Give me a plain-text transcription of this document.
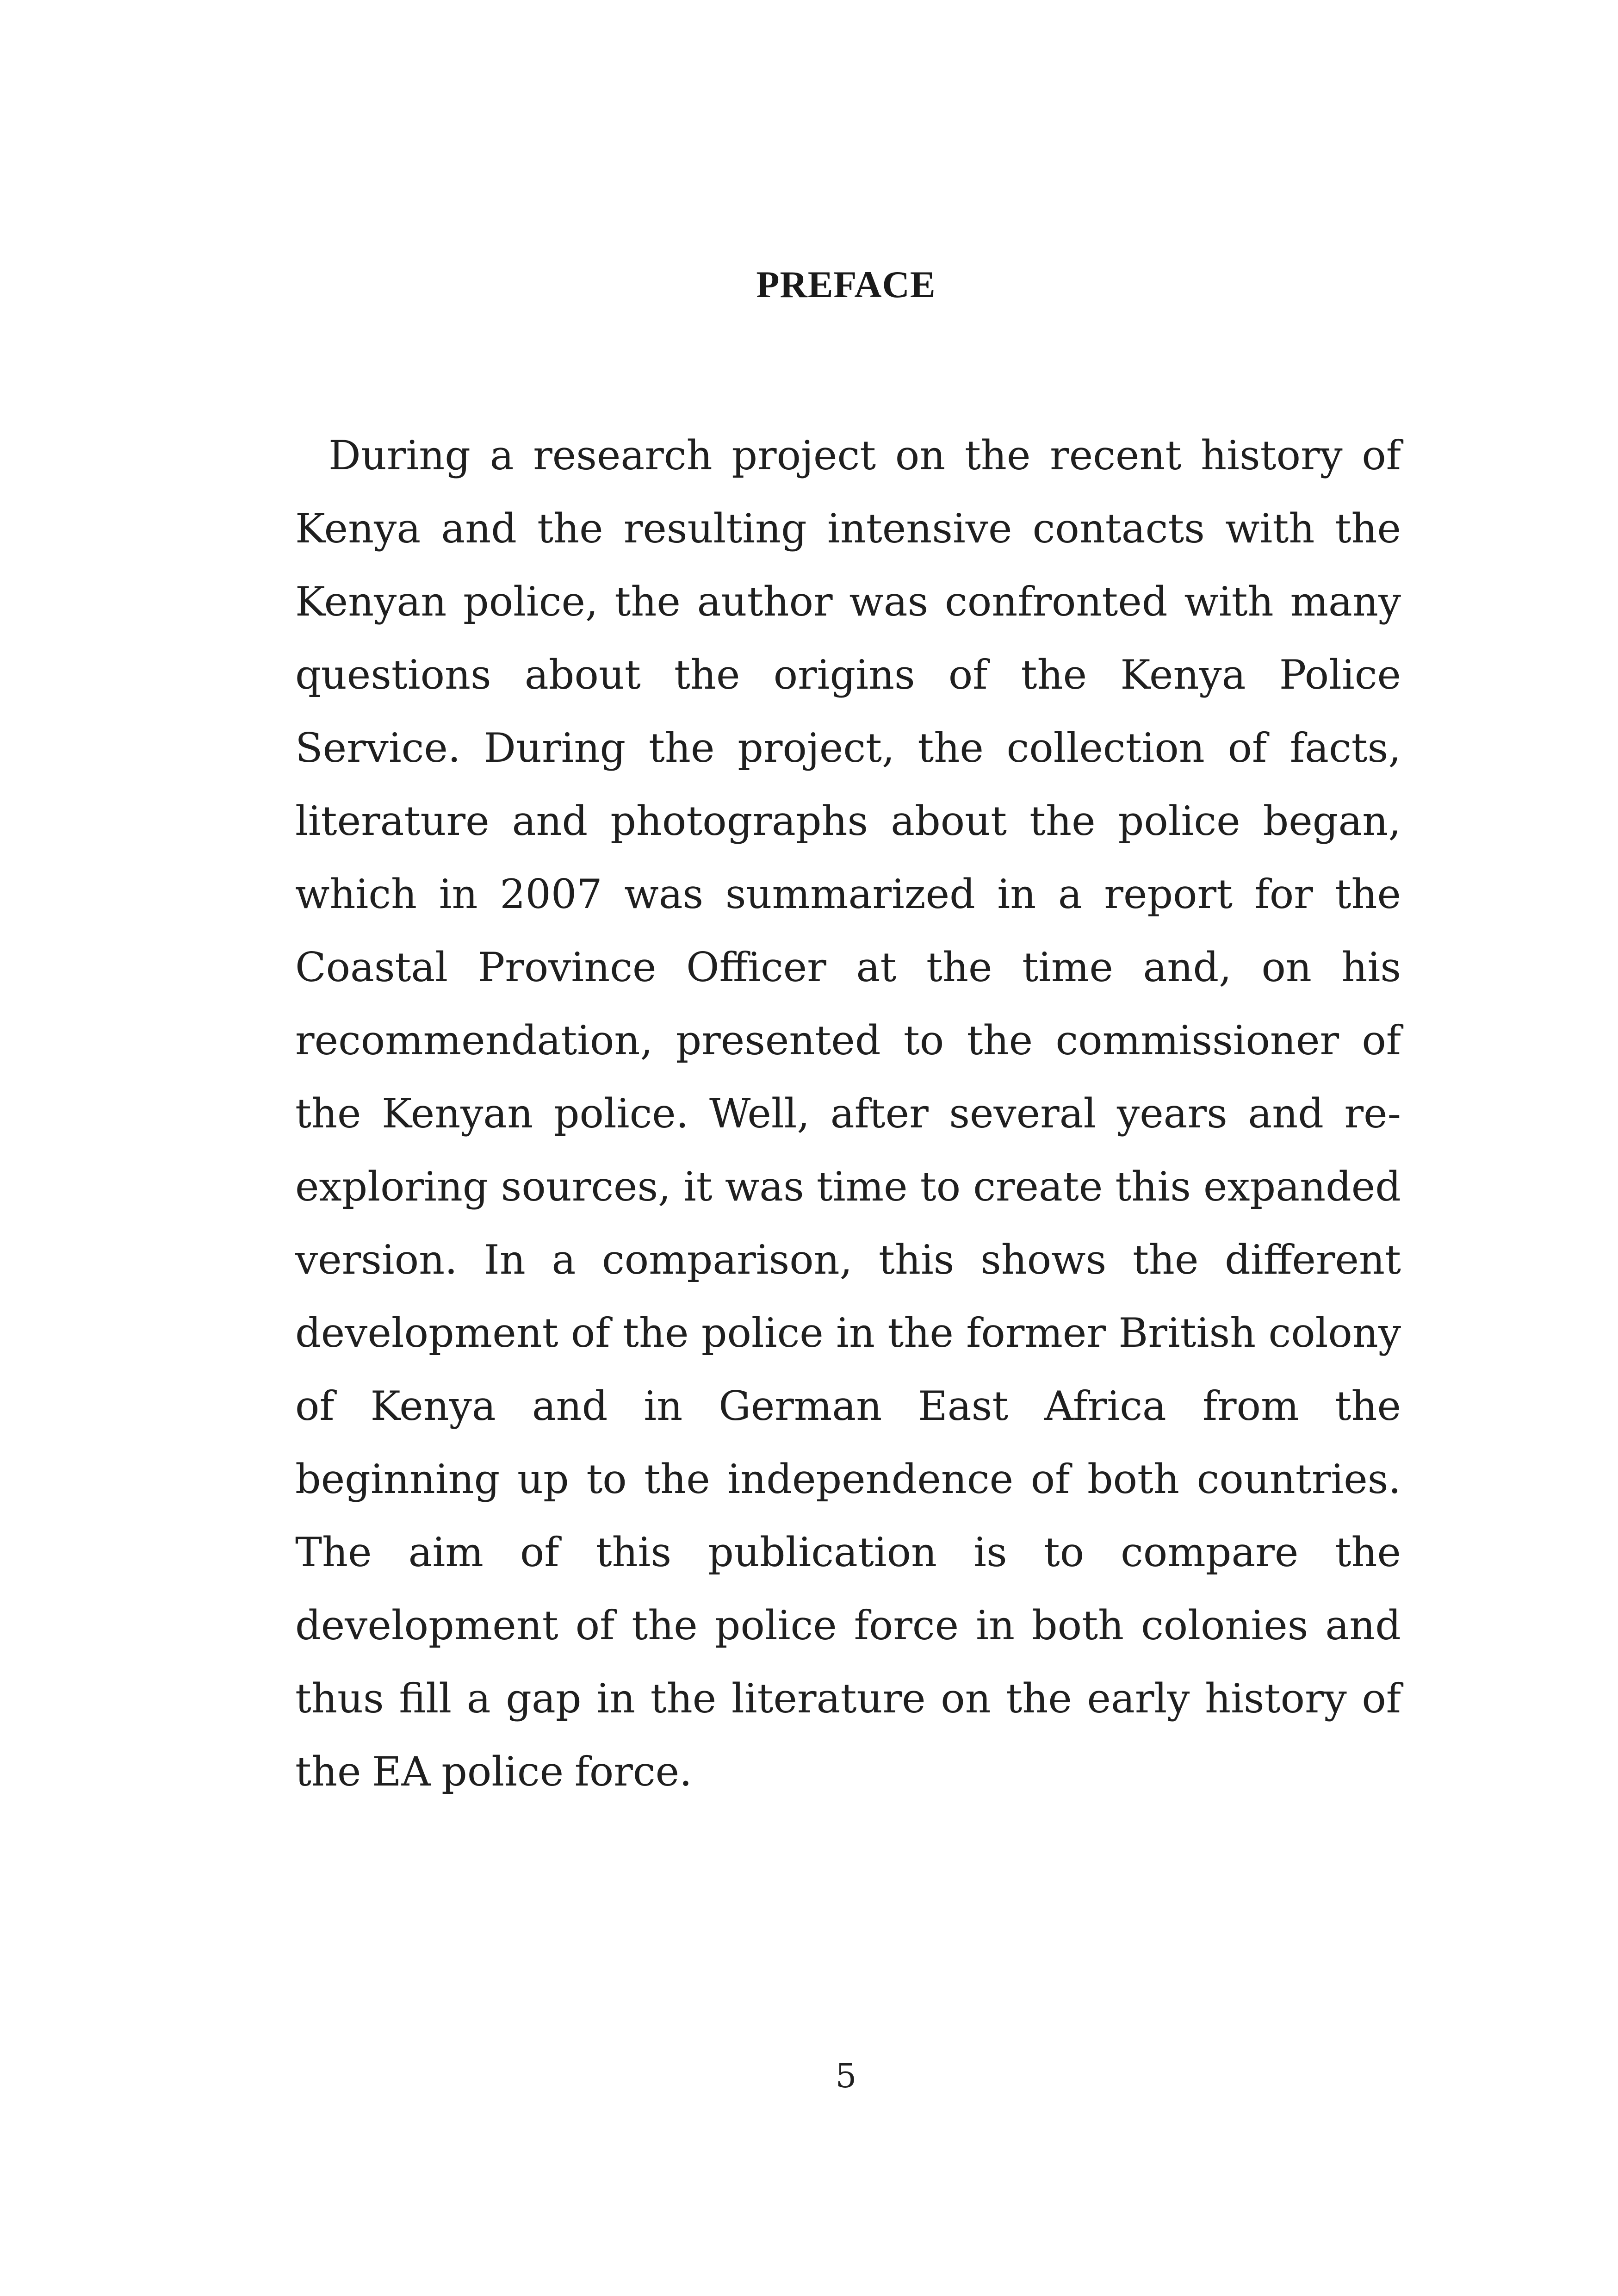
PREFACE

During a research project on the recent history of Kenya and the resulting intensive contacts with the Kenyan police, the author was confronted with many questions about the origins of the Kenya Police Service. During the project, the collection of facts, literature and photographs about the police began, which in 2007 was summarized in a report for the Coastal Province Officer at the time and, on his recommendation, presented to the commissioner of the Kenyan police. Well, after several years and re-exploring sources, it was time to create this expanded version. In a comparison, this shows the different development of the police in the former British colony of Kenya and in German East Africa from the beginning up to the independence of both countries. The aim of this publication is to compare the development of the police force in both colonies and thus fill a gap in the literature on the early history of the EA police force.

5
